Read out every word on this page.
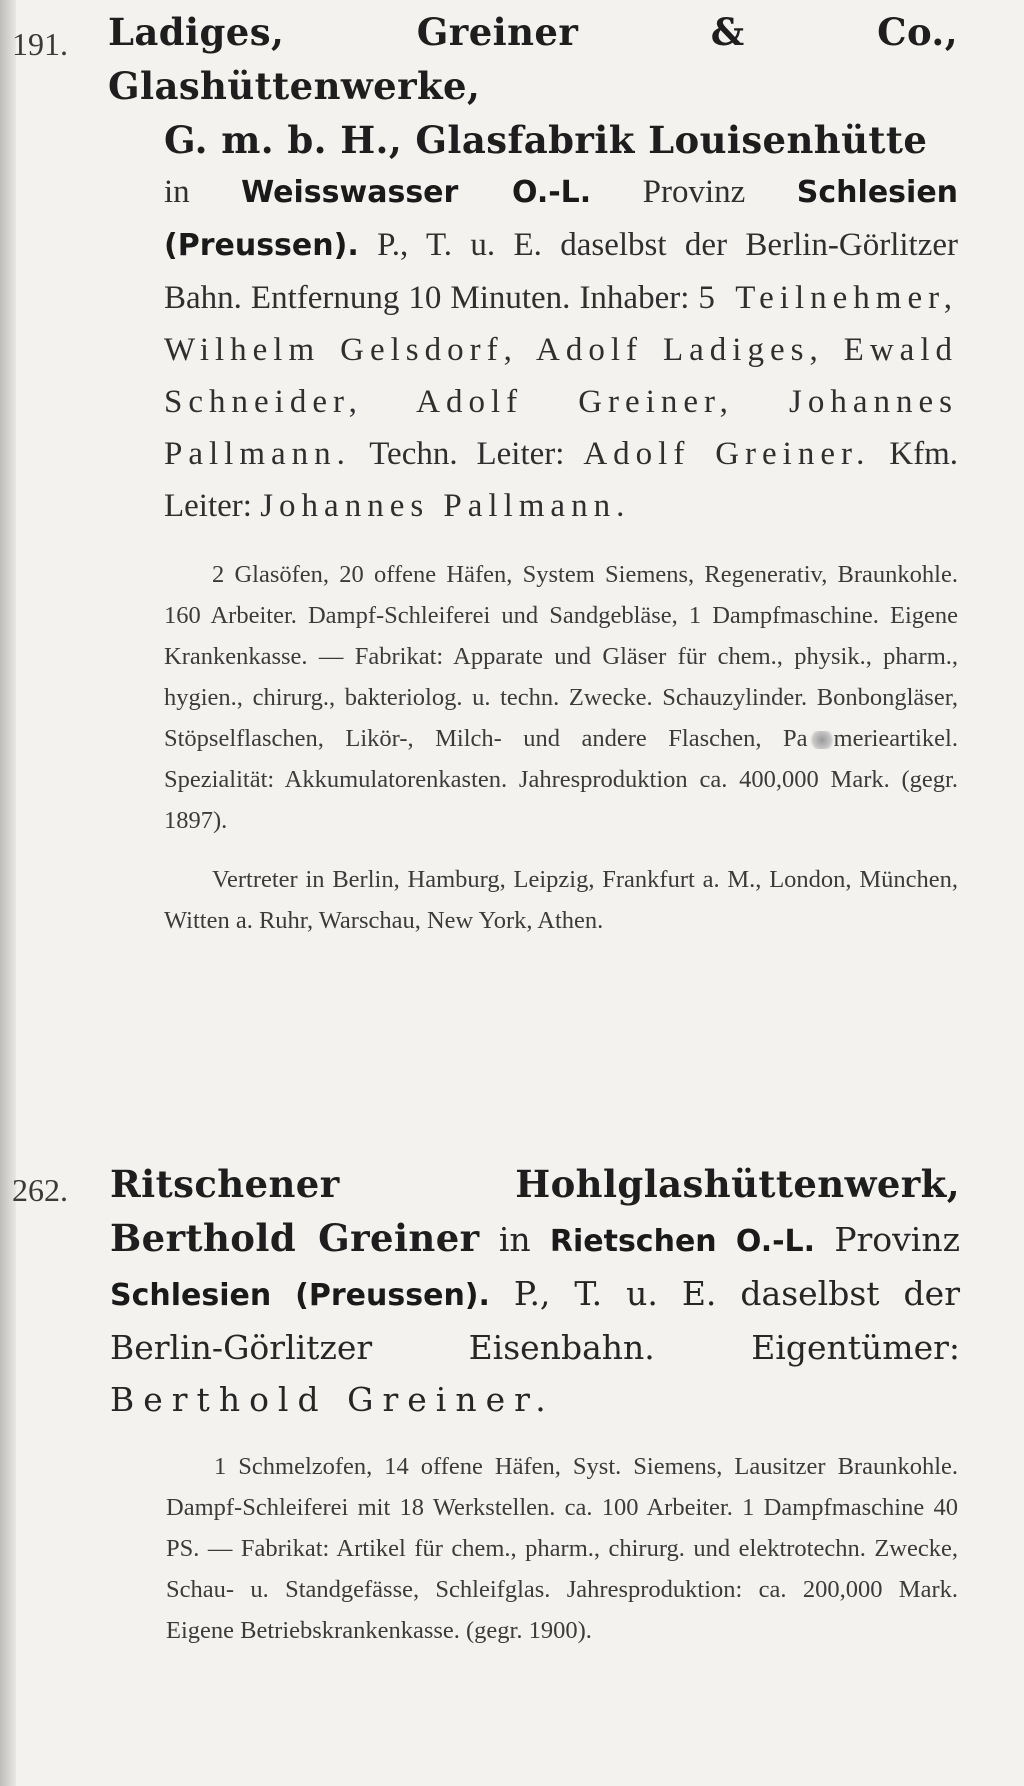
191. Ladiges, Greiner & Co., Glashüttenwerke,
G. m. b. H., Glasfabrik Louisenhütte
in Weisswasser O.-L. Provinz Schlesien (Preussen). P., T. u. E. daselbst der Berlin-Görlitzer Bahn. Entfernung 10 Minuten. Inhaber: 5 Teilnehmer, Wilhelm Gelsdorf, Adolf Ladiges, Ewald Schneider, Adolf Greiner, Johannes Pallmann. Techn. Leiter: Adolf Greiner. Kfm. Leiter: Johannes Pallmann.
2 Glasöfen, 20 offene Häfen, System Siemens, Regenerativ, Braunkohle. 160 Arbeiter. Dampf-Schleiferei und Sandgebläse, 1 Dampfmaschine. Eigene Krankenkasse. — Fabrikat: Apparate und Gläser für chem., physik., pharm., hygien., chirurg., bakteriolog. u. techn. Zwecke. Schauzylinder. Bonbongläser, Stöpselflaschen, Likör-, Milch- und andere Flaschen, Pa merieartikel. Spezialität: Akkumulatorenkasten. Jahresproduktion ca. 400,000 Mark. (gegr. 1897).
Vertreter in Berlin, Hamburg, Leipzig, Frankfurt a. M., London, München, Witten a. Ruhr, Warschau, New York, Athen.
262. Ritschener Hohlglashüttenwerk, Berthold Greiner in Rietschen O.-L. Provinz Schlesien (Preussen). P., T. u. E. daselbst der Berlin-Görlitzer Eisenbahn.	Eigentümer: Berthold Greiner.
1 Schmelzofen, 14 offene Häfen, Syst. Siemens, Lausitzer Braunkohle. Dampf-Schleiferei mit 18 Werkstellen. ca. 100 Arbeiter. 1 Dampfmaschine 40 PS. — Fabrikat: Artikel für chem., pharm., chirurg. und elektrotechn. Zwecke, Schau- u. Standgefässe, Schleifglas. Jahresproduktion: ca. 200,000 Mark. Eigene Betriebskrankenkasse. (gegr. 1900).
